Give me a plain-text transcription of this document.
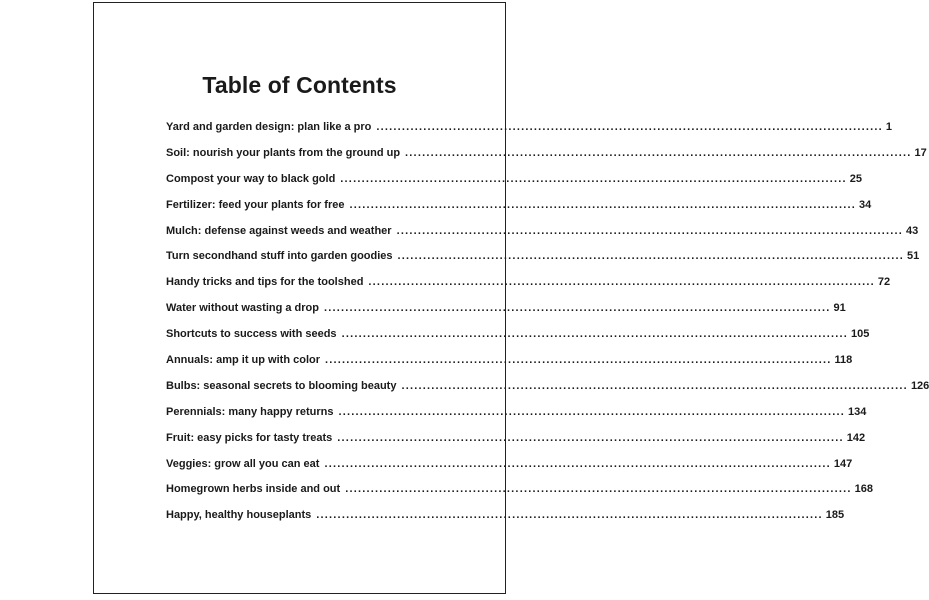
Table of Contents
Yard and garden design: plan like a pro ....................................................................................................................... 1
Soil: nourish your plants from the ground up ....................................................................................................................... 17
Compost your way to black gold ....................................................................................................................... 25
Fertilizer: feed your plants for free ....................................................................................................................... 34
Mulch: defense against weeds and weather ....................................................................................................................... 43
Turn secondhand stuff into garden goodies ....................................................................................................................... 51
Handy tricks and tips for the toolshed ....................................................................................................................... 72
Water without wasting a drop ....................................................................................................................... 91
Shortcuts to success with seeds ....................................................................................................................... 105
Annuals: amp it up with color ....................................................................................................................... 118
Bulbs: seasonal secrets to blooming beauty ....................................................................................................................... 126
Perennials: many happy returns ....................................................................................................................... 134
Fruit: easy picks for tasty treats ....................................................................................................................... 142
Veggies: grow all you can eat ....................................................................................................................... 147
Homegrown herbs inside and out ....................................................................................................................... 168
Happy, healthy houseplants ....................................................................................................................... 185
